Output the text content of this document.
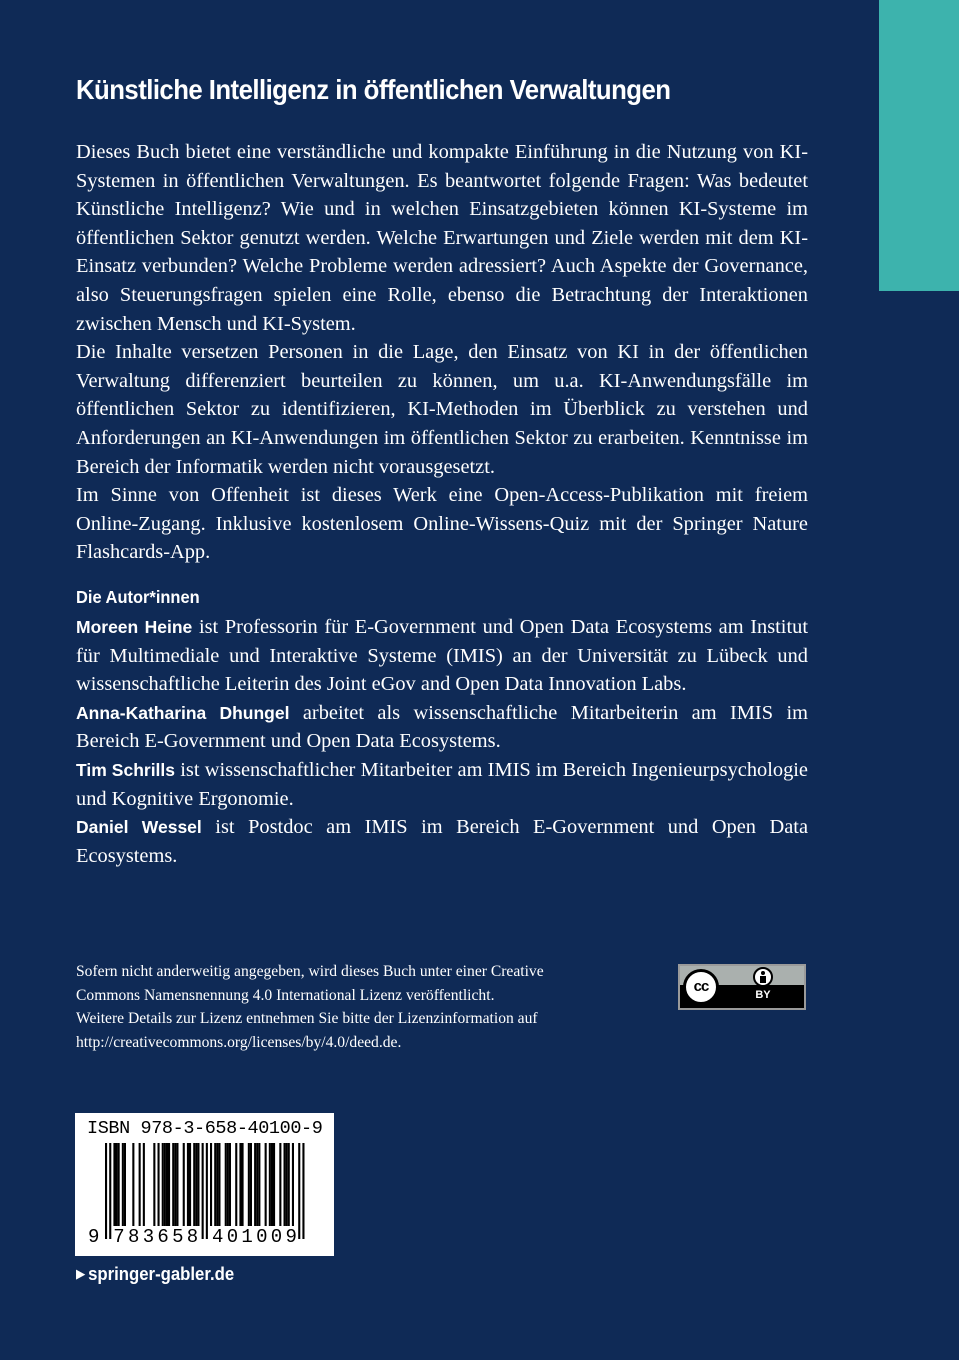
Künstliche Intelligenz in öffentlichen Verwaltungen

Dieses Buch bietet eine verständliche und kompakte Einführung in die Nutzung von KI-Systemen in öffentlichen Verwaltungen. Es beantwortet folgende Fragen: Was bedeutet Künstliche Intelligenz? Wie und in welchen Einsatzgebieten können KI-Systeme im öffentlichen Sektor genutzt werden. Welche Erwartungen und Ziele werden mit dem KI-Einsatz verbunden? Welche Probleme werden adressiert? Auch Aspekte der Governance, also Steuerungsfragen spielen eine Rolle, ebenso die Betrachtung der Interaktionen zwischen Mensch und KI-System.

Die Inhalte versetzen Personen in die Lage, den Einsatz von KI in der öffentlichen Verwaltung differenziert beurteilen zu können, um u.a. KI-Anwendungsfälle im öffentlichen Sektor zu identifizieren, KI-Methoden im Überblick zu verstehen und Anforderungen an KI-Anwendungen im öffentlichen Sektor zu erarbeiten. Kenntnisse im Bereich der Informatik werden nicht vorausgesetzt.

Im Sinne von Offenheit ist dieses Werk eine Open-Access-Publikation mit freiem Online-Zugang. Inklusive kostenlosem Online-Wissens-Quiz mit der Springer Nature Flashcards-App.

Die Autor*innen

Moreen Heine ist Professorin für E-Government und Open Data Ecosystems am Institut für Multimediale und Interaktive Systeme (IMIS) an der Universität zu Lübeck und wissenschaftliche Leiterin des Joint eGov and Open Data Innovation Labs.

Anna-Katharina Dhungel arbeitet als wissenschaftliche Mitarbeiterin am IMIS im Bereich E-Government und Open Data Ecosystems.

Tim Schrills ist wissenschaftlicher Mitarbeiter am IMIS im Bereich Ingenieurpsychologie und Kognitive Ergonomie.

Daniel Wessel ist Postdoc am IMIS im Bereich E-Government und Open Data Ecosystems.

Sofern nicht anderweitig angegeben, wird dieses Buch unter einer Creative
Commons Namensnennung 4.0 International Lizenz veröffentlicht.
Weitere Details zur Lizenz entnehmen Sie bitte der Lizenzinformation auf
http://creativecommons.org/licenses/by/4.0/deed.de.
cc	BY
ISBN 978-3-658-40100-9
9 7 8 3 6 5 8 4 0 1 0 0 9
▶ springer-gabler.de
